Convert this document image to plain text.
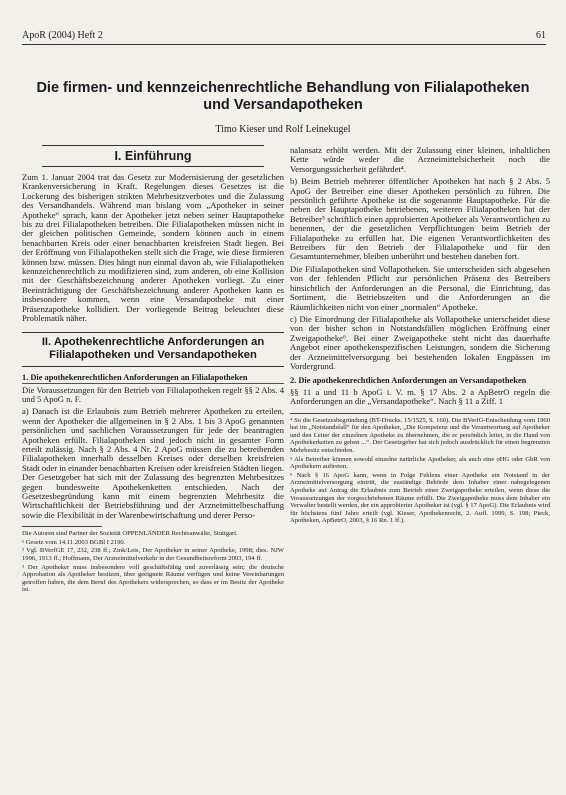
ApoR (2004) Heft 2	61
Die firmen- und kennzeichenrechtliche Behandlung von Filialapotheken
und Versandapotheken
Timo Kieser und Rolf Leinekugel
I. Einführung

Zum 1. Januar 2004 trat das Gesetz zur Modernisierung der gesetzlichen Krankenversicherung in Kraft. Regelungen dieses Gesetzes ist die Lockerung des bisherigen strikten Mehrbesitzverbotes und die Zulassung des Versandhandels. Während man bislang vom „Apotheker in seiner Apotheke“ sprach, kann der Apotheker jetzt neben seiner Hauptapotheke bis zu drei Filialapotheken betreiben. Die Filialapotheken müssen nicht in der gleichen politischen Gemeinde, sondern können auch in einem benachbarten Kreis oder einer benachbarten kreisfreien Stadt liegen. Bei der Eröffnung von Filialapotheken stellt sich die Frage, wie diese firmieren können bzw. müssen. Dies hängt nun einmal davon ab, wie Filialapotheken kennzeichenrechtlich zu modifizieren sind, zum anderen, ob eine Kollision mit der Geschäftsbezeichnung anderer Apotheken vorliegt. Zu einer Beeinträchtigung der Geschäftsbezeichnung anderer Apotheken kann es insbesondere kommen, wenn eine Versandapotheke mit einer Präsenzapotheke kollidiert. Der vorliegende Beitrag beleuchtet diese Problematik näher.

II. Apothekenrechtliche Anforderungen an Filialapotheken und Versandapotheken
1. Die apothekenrechtlichen Anforderungen an Filialapotheken

Die Voraussetzungen für den Betrieb von Filialapotheken regelt §§ 2 Abs. 4 und 5 ApoG n. F.

a) Danach ist die Erlaubnis zum Betrieb mehrerer Apotheken zu erteilen, wenn der Apotheker die allgemeinen in § 2 Abs. 1 bis 3 ApoG genannten persönlichen und sachlichen Voraussetzungen für jede der beantragten Apotheken erfüllt. Filialapotheken sind jedoch nicht in gesamter Form erteilt zulässig. Nach § 2 Abs. 4 Nr. 2 ApoG müssen die zu betreibenden Filialapotheken innerhalb desselben Kreises oder derselben kreisfreien Stadt oder in einander benachbarten Kreisen oder kreisfreien Städten liegen. Der Gesetzgeber hat sich mit der Zulassung des begrenzten Mehrbesitzes gegen bundesweite Apothekenketten entschieden. Nach der Gesetzesbegründung kann mit einem begrenzten Mehrbesitz die Wirtschaftlichkeit der Betriebsführung und der Arzneimittelbeschaffung sowie die Flexibilität in der Warenbewirtschaftung und derer Perso-

Die Autoren sind Partner der Sozietät OPPENLÄNDER Rechtsanwälte, Stuttgart.
¹ Gesetz vom 14.11.2003 BGBl I 2190.
² Vgl. BVerfGE 17, 232, 238 ff.; Zink/Leis, Der Apotheker in seiner Apotheke, 1998; dies. NJW 1996, 1913 ff.; Hoffmann, Der Arzneimittelverkehr in der Gesundheitsreform 2003, 194 ff.
³ Der Apotheker muss insbesondere voll geschäftsfähig und zuverlässig sein; die deutsche Approbation als Apotheker besitzen, über geeignete Räume verfügen und keine Vereinbarungen getroffen haben, die dem Beruf des Apothekers widersprechen, so dass er im Besitz der Apotheke ist.

nalansatz erhöht werden. Mit der Zulassung einer kleinen, inhaltlichen Kette würde weder die Arzneimittelsicherheit noch die Versorgungssicherheit gefährdet⁴.

b) Beim Betrieb mehrerer öffentlicher Apotheken hat nach § 2 Abs. 5 ApoG der Betreiber eine dieser Apotheken persönlich zu führen. Die persönlich geführte Apotheke ist die sogenannte Hauptapotheke. Für die neben der Hauptapotheke betriebenen, weiteren Filialapotheken hat der Betreiber⁵ schriftlich einen approbierten Apotheker als Verantwortlichen zu benennen, der die gesetzlichen Verpflichtungen beim Betrieb der Filialapotheke zu erfüllen hat. Die eigenen Verantwortlichkeiten des Betreibers für den Betrieb der Filialapotheke und für den Gesamtunternehmer, bleiben unberührt und bestehen daneben fort.

Die Filialapotheken sind Vollapotheken. Sie unterscheiden sich abgesehen von der fehlenden Pflicht zur persönlichen Präsenz des Betreibers hinsichtlich der Anforderungen an die Personal, die Einrichtung, das Sortiment, die Betriebszeiten und die Anforderungen an die Räumlichkeiten nicht von einer „normalen“ Apotheke.

c) Die Einordnung der Filialapotheke als Vollapotheke unterscheidet diese von der bisher schon in Notstandsfällen möglichen Eröffnung einer Zweigapotheke⁶. Bei einer Zweigapotheke steht nicht das dauerhafte Angebot einer apothekenspezifischen Leistungen, sondern die Sicherung der Arzneimittelversorgung bei bestehenden lokalen Engpässen im Vordergrund.

2. Die apothekenrechtlichen Anforderungen an Versandapotheken

§§ 11 a und 11 b ApoG i. V. m. § 17 Abs. 2 a ApBetrO regeln die Anforderungen an die „Versandapotheke“. Nach § 11 a Ziff. 1

⁴ So die Gesetzesbegründung (BT-Drucks. 15/1525, S. 160). Die BVerfG-Entscheidung vom 1960 hat im „Notstandsfall“ für den Apotheker, „Die Kompetenz und die Verantwortung auf Apotheker und den Leiter der einzelnen Apotheke zu übernehmen, die er persönlich leitet, in die Hand von Apothekerketten zu geben ...“. Der Gesetzgeber hat sich jedoch ausdrücklich für einen begrenzten Mehrbesitz entschieden.
⁵ Als Betreiber können sowohl einzelne natürliche Apotheker, als auch eine oHG oder GbR von Apothekern auftreten.
⁶ Nach § 16 ApoG kann, wenn in Folge Fehlens einer Apotheke ein Notstand in der Arzneimittelversorgung eintritt, die zuständige Behörde dem Inhaber einer nahegelegenen Apotheke auf Antrag die Erlaubnis zum Betrieb einer Zweigapotheke erteilen, wenn diese die Voraussetzungen der vorgeschriebenen Räume erfüllt. Die Zweigapotheke muss dem Inhaber ein Verwalter bestellt werden, der ein approbierter Apotheker ist (vgl. § 17 ApoG). Die Erlaubnis wird für höchstens fünf Jahre erteilt (vgl. Kieser, Apothekenrecht, 2. Aufl. 1999, S. 198; Pieck, Apotheken, ApBetrO, 2003, § 16 Rn. 1 ff.).
